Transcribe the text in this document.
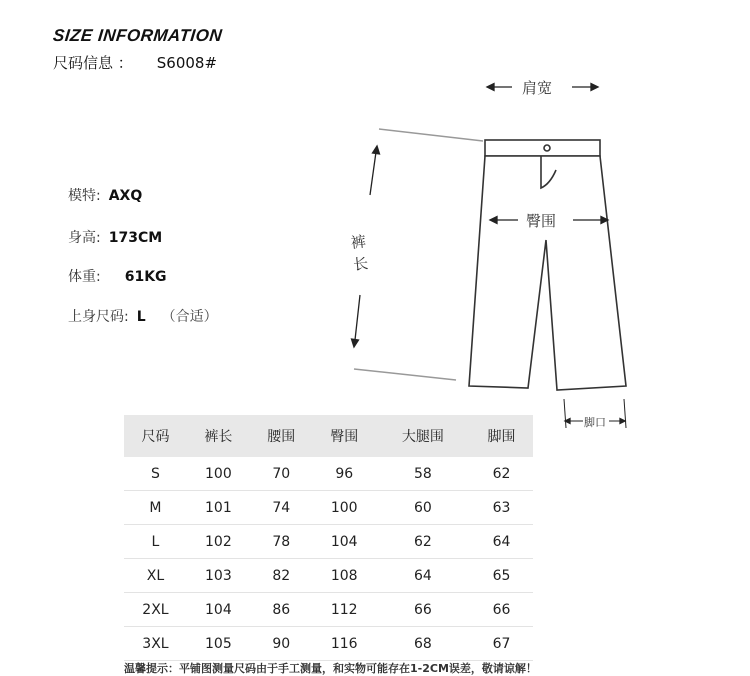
SIZE INFORMATION
尺码信息 ： S6008#
模特: AXQ
身高: 173CM
体重: 61KG
上身尺码: L （合适）
肩宽
臀围
裤长
脚口
尺码	裤长	腰围	臀围	大腿围	脚围
S	100	70	96	58	62
M	101	74	100	60	63
L	102	78	104	62	64
XL	103	82	108	64	65
2XL	104	86	112	66	66
3XL	105	90	116	68	67
温馨提示：平铺图测量尺码由于手工测量，和实物可能存在1-2CM误差，敬请谅解！
